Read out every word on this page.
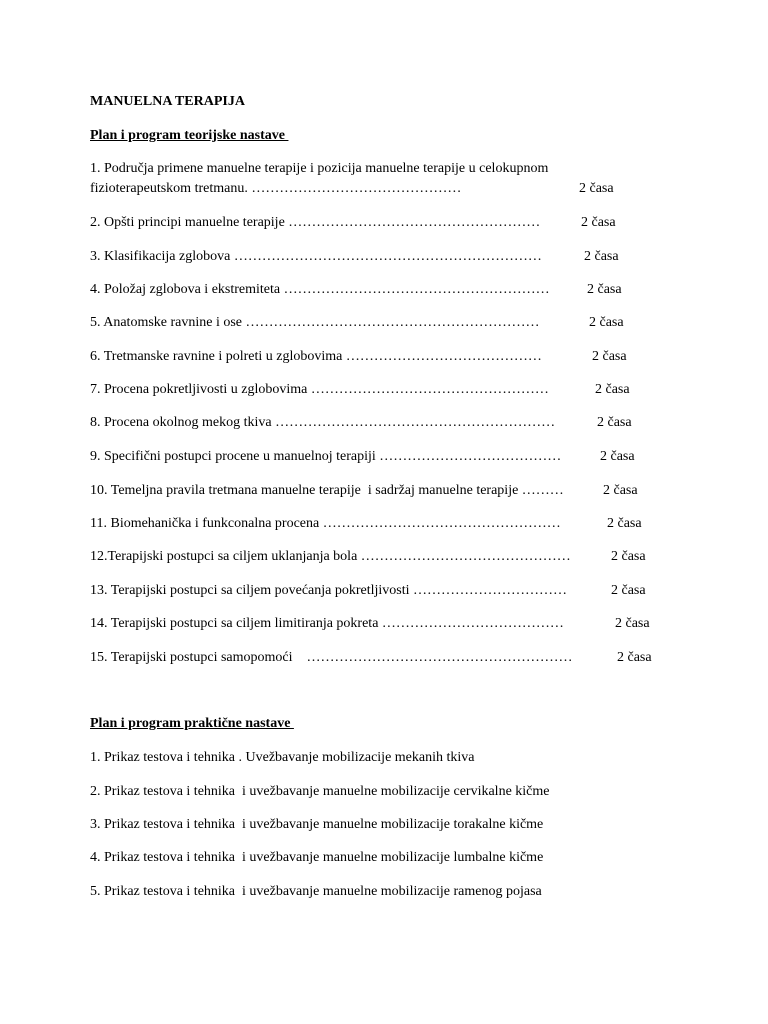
MANUELNA TERAPIJA
Plan i program teorijske nastave
1. Područja primene manuelne terapije i pozicija manuelne terapije u celokupnom
fizioterapeutskom tretmanu. ………………………………………	2 časa
2. Opšti principi manuelne terapije ………………………………………………	2 časa
3. Klasifikacija zglobova …………………………………………………………	2 časa
4. Položaj zglobova i ekstremiteta …………………………………………………	2 časa
5. Anatomske ravnine i ose ………………………………………………………	2 časa
6. Tretmanske ravnine i polreti u zglobovima ……………………………………	2 časa
7. Procena pokretljivosti u zglobovima ……………………………………………	2 časa
8. Procena okolnog mekog tkiva ……………………………………………………	2 časa
9. Specifični postupci procene u manuelnoj terapiji …………………………………	2 časa
10. Temeljna pravila tretmana manuelne terapije  i sadržaj manuelne terapije ………	2 časa
11. Biomehanička i funkconalna procena ……………………………………………	2 časa
12.Terapijski postupci sa ciljem uklanjanja bola ………………………………………	2 časa
13. Terapijski postupci sa ciljem povećanja pokretljivosti ……………………………	2 časa
14. Terapijski postupci sa ciljem limitiranja pokreta …………………………………	2 časa
15. Terapijski postupci samopomoći    …………………………………………………	2 časa
Plan i program praktične nastave
1. Prikaz testova i tehnika . Uvežbavanje mobilizacije mekanih tkiva
2. Prikaz testova i tehnika  i uvežbavanje manuelne mobilizacije cervikalne kičme
3. Prikaz testova i tehnika  i uvežbavanje manuelne mobilizacije torakalne kičme
4. Prikaz testova i tehnika  i uvežbavanje manuelne mobilizacije lumbalne kičme
5. Prikaz testova i tehnika  i uvežbavanje manuelne mobilizacije ramenog pojasa
